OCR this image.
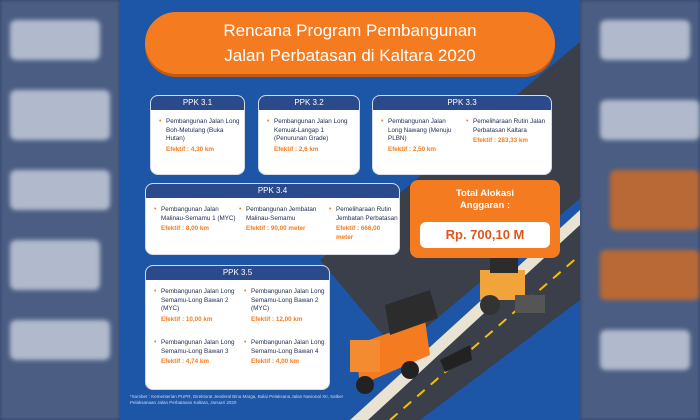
Rencana Program Pembangunan
Jalan Perbatasan di Kaltara 2020
PPK 3.1
• Pembangunan Jalan Long Boh-Metulang (Buka Hutan)
Efektif : 4,30 km
PPK 3.2
• Pembangunan Jalan Long Kemuat-Langap 1 (Penurunan Grade)
Efektif : 2,6 km
PPK 3.3
• Pembangunan Jalan Long Nawang (Menuju PLBN)
Efektif : 2,50 km
• Pemeliharaan Rutin Jalan Perbatasan Kaltara
Efektif : 283,33 km
PPK 3.4
• Pembangunan Jalan Malinau-Semamu 1 (MYC)
Efektif : 8,00 km
• Pembangunan Jembatan Malinau-Semamu
Efektif : 90,00 meter
• Pemeliharaan Rutin Jembatan Perbatasan
Efektif : 666,00 meter
Total Alokasi
Anggaran :
Rp. 700,10 M
PPK 3.5
• Pembangunan Jalan Long Semamu-Long Bawan 2 (MYC)
Efektif : 10,00 km
• Pembangunan Jalan Long Semamu-Long Bawan 2 (MYC)
Efektif : 12,00 km
• Pembangunan Jalan Long Semamu-Long Bawan 3
Efektif : 4,74 km
• Pembangunan Jalan Long Semamu-Long Bawan 4
Efektif : 4,00 km
*Sumber : Kementerian PUPR, Direktorat Jenderal Bina Marga, Balai Pelaksana Jalan Nasional XII, Satker Pelaksanaan Jalan Perbatasan Kaltara, Januari 2020
